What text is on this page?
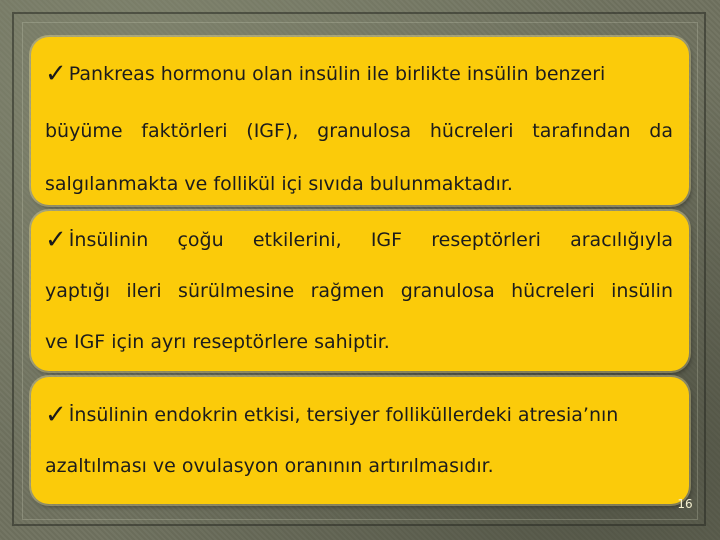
✓ Pankreas hormonu olan insülin ile birlikte insülin benzeri
büyüme faktörleri (IGF), granulosa hücreleri tarafından da
salgılanmakta ve follikül içi sıvıda bulunmaktadır.
✓ İnsülinin çoğu etkilerini, IGF reseptörleri aracılığıyla
yaptığı ileri sürülmesine rağmen granulosa hücreleri insülin
ve IGF için ayrı reseptörlere sahiptir.
✓ İnsülinin endokrin etkisi, tersiyer folliküllerdeki atresia’nın
azaltılması ve ovulasyon oranının artırılmasıdır.
16
